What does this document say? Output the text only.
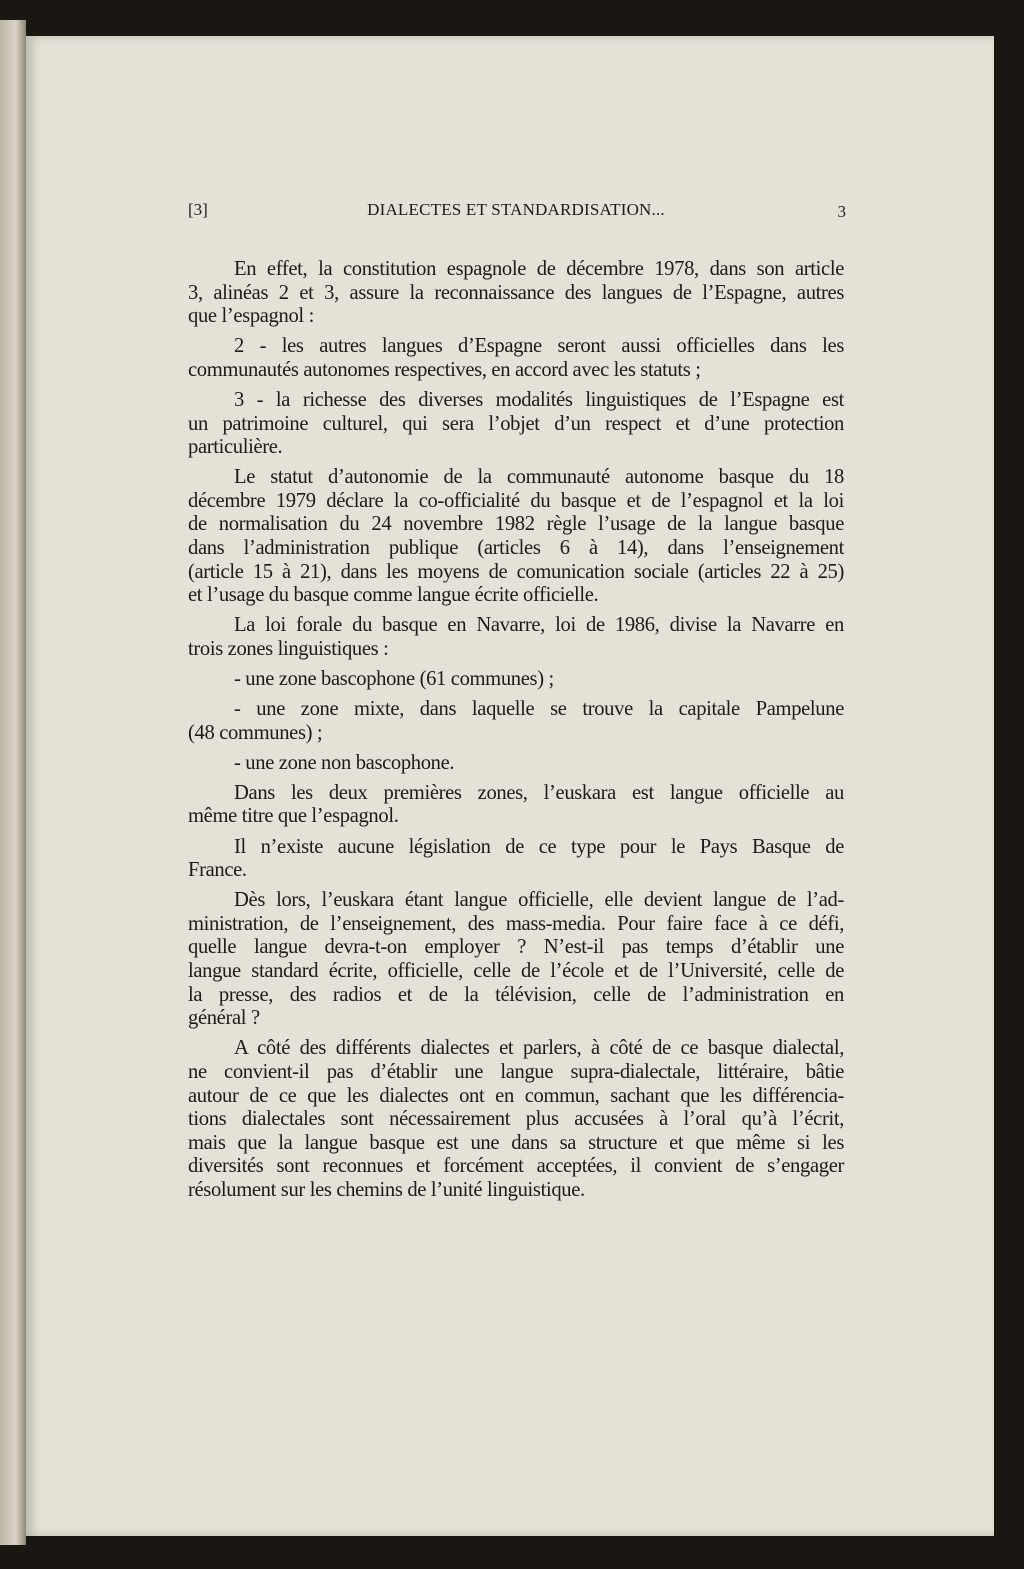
[3]	DIALECTES ET STANDARDISATION...	3
En effet, la constitution espagnole de décembre 1978, dans son article
3, alinéas 2 et 3, assure la reconnaissance des langues de l’Espagne, autres
que l’espagnol :
2 - les autres langues d’Espagne seront aussi officielles dans les
communautés autonomes respectives, en accord avec les statuts ;
3 - la richesse des diverses modalités linguistiques de l’Espagne est
un patrimoine culturel, qui sera l’objet d’un respect et d’une protection
particulière.
Le statut d’autonomie de la communauté autonome basque du 18
décembre 1979 déclare la co-officialité du basque et de l’espagnol et la loi
de normalisation du 24 novembre 1982 règle l’usage de la langue basque
dans l’administration publique (articles 6 à 14), dans l’enseignement
(article 15 à 21), dans les moyens de comunication sociale (articles 22 à 25)
et l’usage du basque comme langue écrite officielle.
La loi forale du basque en Navarre, loi de 1986, divise la Navarre en
trois zones linguistiques :
- une zone bascophone (61 communes) ;
- une zone mixte, dans laquelle se trouve la capitale Pampelune
(48 communes) ;
- une zone non bascophone.
Dans les deux premières zones, l’euskara est langue officielle au
même titre que l’espagnol.
Il n’existe aucune législation de ce type pour le Pays Basque de
France.
Dès lors, l’euskara étant langue officielle, elle devient langue de l’ad-
ministration, de l’enseignement, des mass-media. Pour faire face à ce défi,
quelle langue devra-t-on employer ? N’est-il pas temps d’établir une
langue standard écrite, officielle, celle de l’école et de l’Université, celle de
la presse, des radios et de la télévision, celle de l’administration en
général ?
A côté des différents dialectes et parlers, à côté de ce basque dialectal,
ne convient-il pas d’établir une langue supra-dialectale, littéraire, bâtie
autour de ce que les dialectes ont en commun, sachant que les différencia-
tions dialectales sont nécessairement plus accusées à l’oral qu’à l’écrit,
mais que la langue basque est une dans sa structure et que même si les
diversités sont reconnues et forcément acceptées, il convient de s’engager
résolument sur les chemins de l’unité linguistique.
